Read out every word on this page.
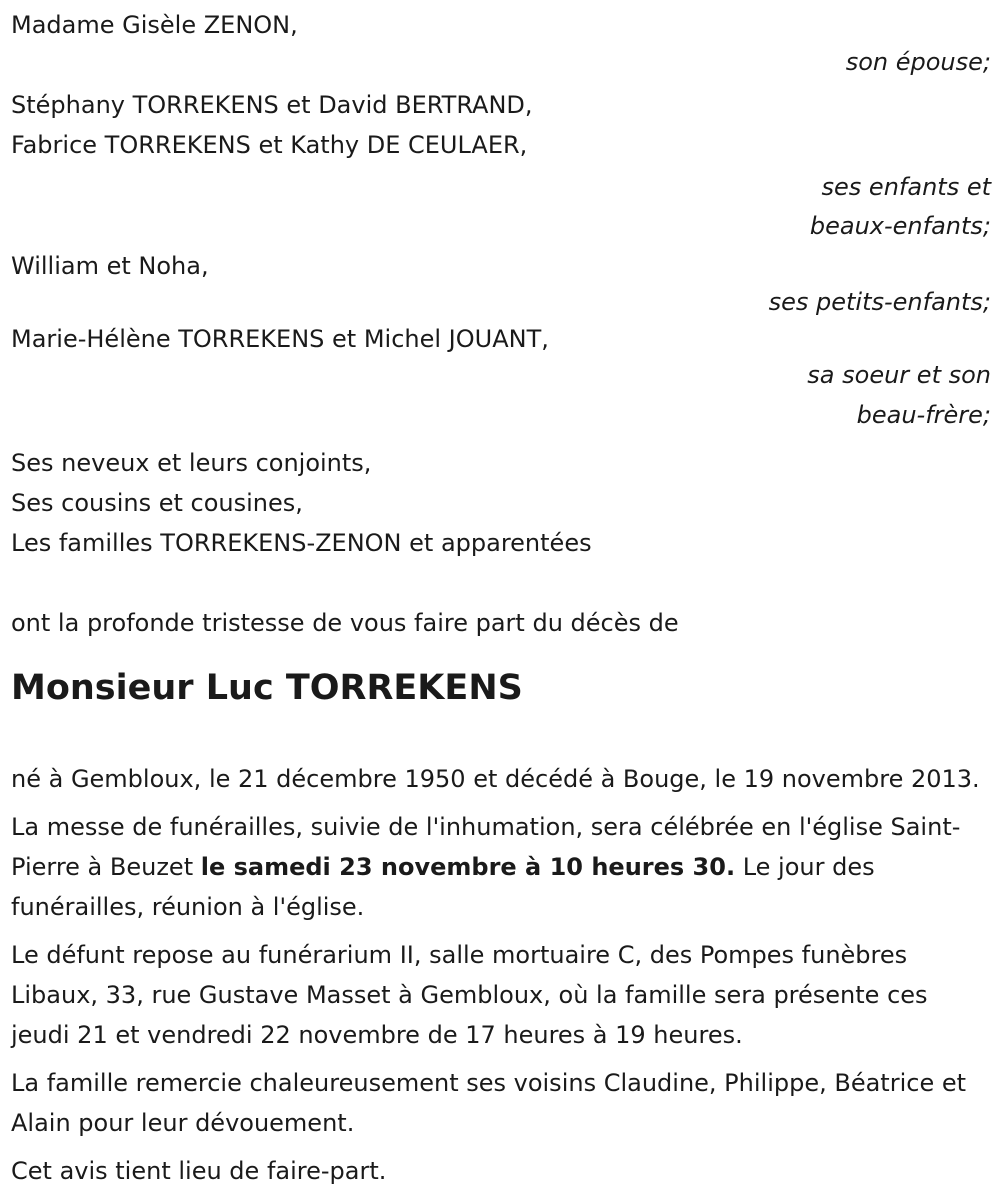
Madame Gisèle ZENON,
son épouse;
Stéphany TORREKENS et David BERTRAND,
Fabrice TORREKENS et Kathy DE CEULAER,
ses enfants et
beaux-enfants;
William et Noha,
ses petits-enfants;
Marie-Hélène TORREKENS et Michel JOUANT,
sa soeur et son
beau-frère;
Ses neveux et leurs conjoints,
Ses cousins et cousines,
Les familles TORREKENS-ZENON et apparentées
ont la profonde tristesse de vous faire part du décès de
Monsieur Luc TORREKENS

né à Gembloux, le 21 décembre 1950 et décédé à Bouge, le 19 novembre 2013.

La messe de funérailles, suivie de l'inhumation, sera célébrée en l'église Saint-Pierre à Beuzet le samedi 23 novembre à 10 heures 30. Le jour des funérailles, réunion à l'église.

Le défunt repose au funérarium II, salle mortuaire C, des Pompes funèbres Libaux, 33, rue Gustave Masset à Gembloux, où la famille sera présente ces jeudi 21 et vendredi 22 novembre de 17 heures à 19 heures.

La famille remercie chaleureusement ses voisins Claudine, Philippe, Béatrice et Alain pour leur dévouement.

Cet avis tient lieu de faire-part.
